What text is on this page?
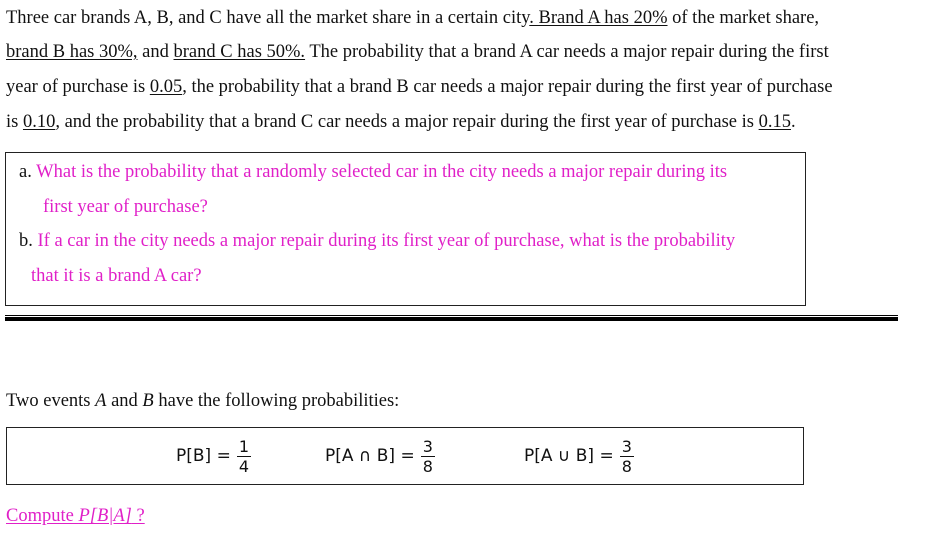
Three car brands A, B, and C have all the market share in a certain city. Brand A has 20% of the market share,
brand B has 30%, and brand C has 50%. The probability that a brand A car needs a major repair during the first
year of purchase is 0.05, the probability that a brand B car needs a major repair during the first year of purchase
is 0.10, and the probability that a brand C car needs a major repair during the first year of purchase is 0.15.
a. What is the probability that a randomly selected car in the city needs a major repair during its
first year of purchase?
b. If a car in the city needs a major repair during its first year of purchase, what is the probability
that it is a brand A car?
Two events A and B have the following probabilities:
$P[B] = \frac{1}{4}$	P[A ∩ $B] = \frac{3}{8}$	P[A ∪ $B] = \frac{3}{8}$
Compute P[B|A] ?
